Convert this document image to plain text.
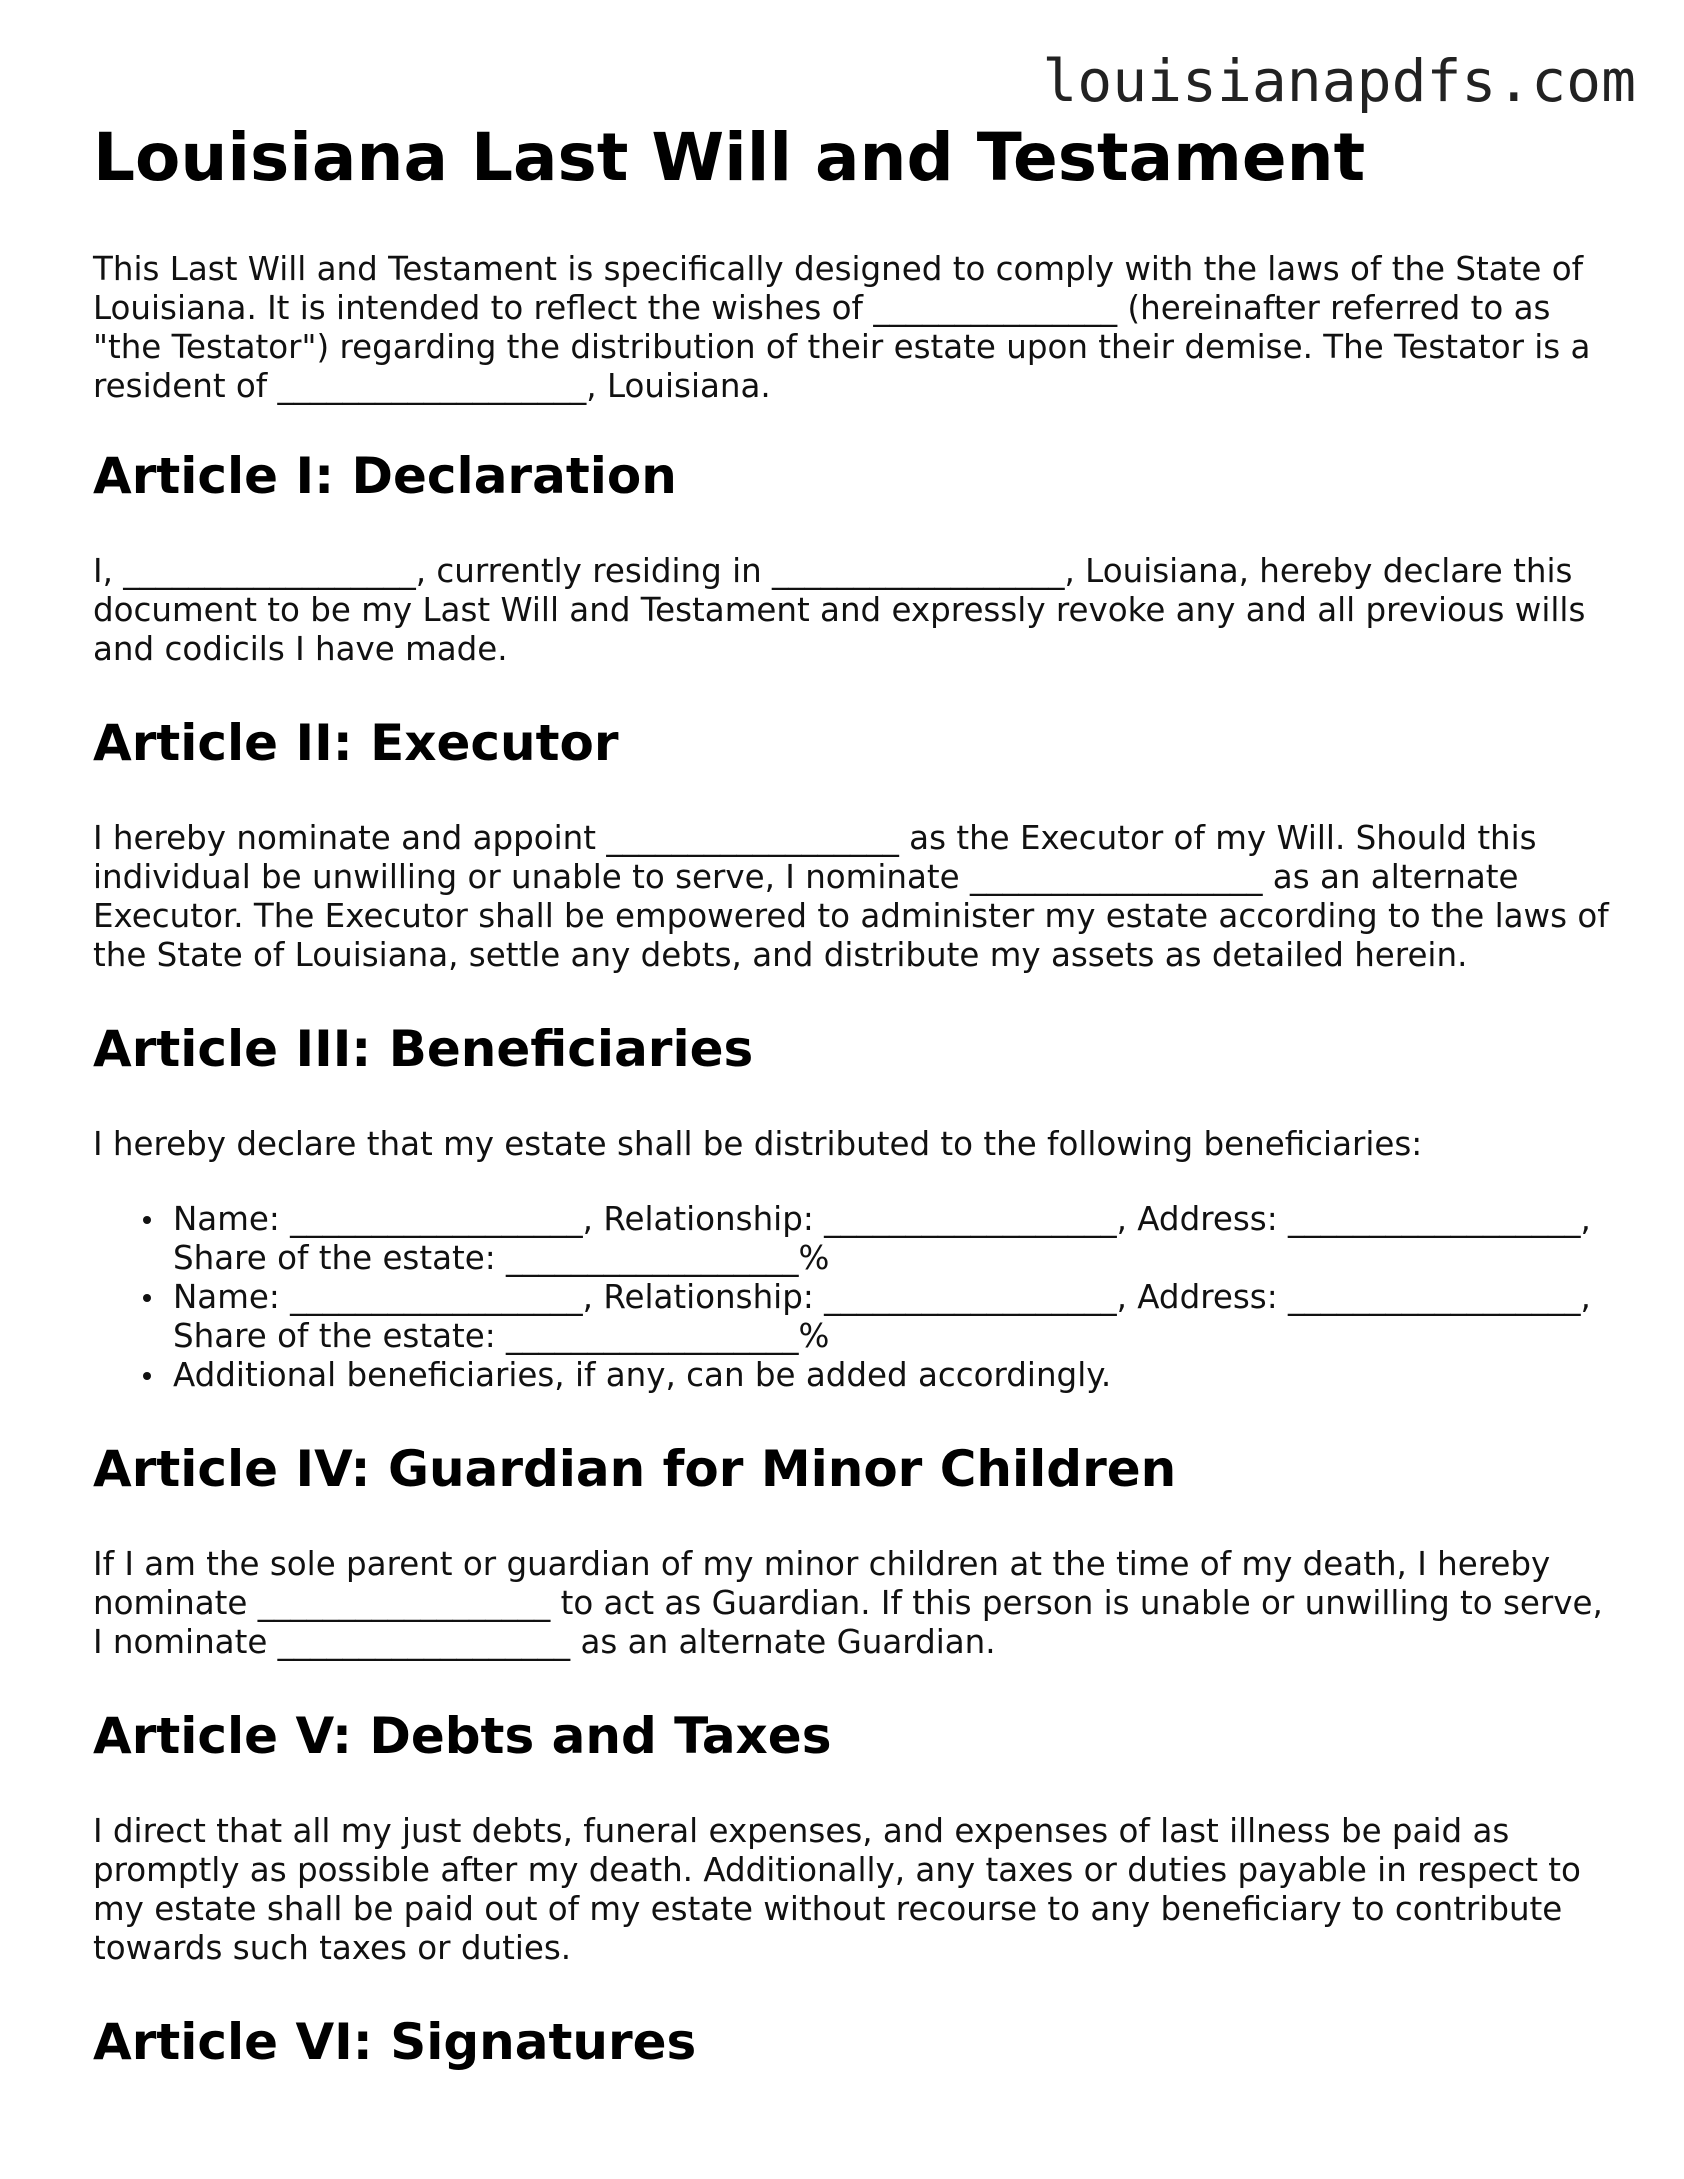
louisianapdfs.com
Louisiana Last Will and Testament

This Last Will and Testament is specifically designed to comply with the laws of the State of Louisiana. It is intended to reflect the wishes of _______________ (hereinafter referred to as "the Testator") regarding the distribution of their estate upon their demise. The Testator is a resident of ___________________, Louisiana.

Article I: Declaration

I, __________________, currently residing in __________________, Louisiana, hereby declare this document to be my Last Will and Testament and expressly revoke any and all previous wills and codicils I have made.

Article II: Executor

I hereby nominate and appoint __________________ as the Executor of my Will. Should this individual be unwilling or unable to serve, I nominate __________________ as an alternate Executor. The Executor shall be empowered to administer my estate according to the laws of the State of Louisiana, settle any debts, and distribute my assets as detailed herein.

Article III: Beneficiaries

I hereby declare that my estate shall be distributed to the following beneficiaries:

Name: __________________, Relationship: __________________, Address: __________________, Share of the estate: __________________%
Name: __________________, Relationship: __________________, Address: __________________, Share of the estate: __________________%
Additional beneficiaries, if any, can be added accordingly.
Article IV: Guardian for Minor Children

If I am the sole parent or guardian of my minor children at the time of my death, I hereby nominate __________________ to act as Guardian. If this person is unable or unwilling to serve, I nominate __________________ as an alternate Guardian.

Article V: Debts and Taxes

I direct that all my just debts, funeral expenses, and expenses of last illness be paid as promptly as possible after my death. Additionally, any taxes or duties payable in respect to my estate shall be paid out of my estate without recourse to any beneficiary to contribute towards such taxes or duties.

Article VI: Signatures
